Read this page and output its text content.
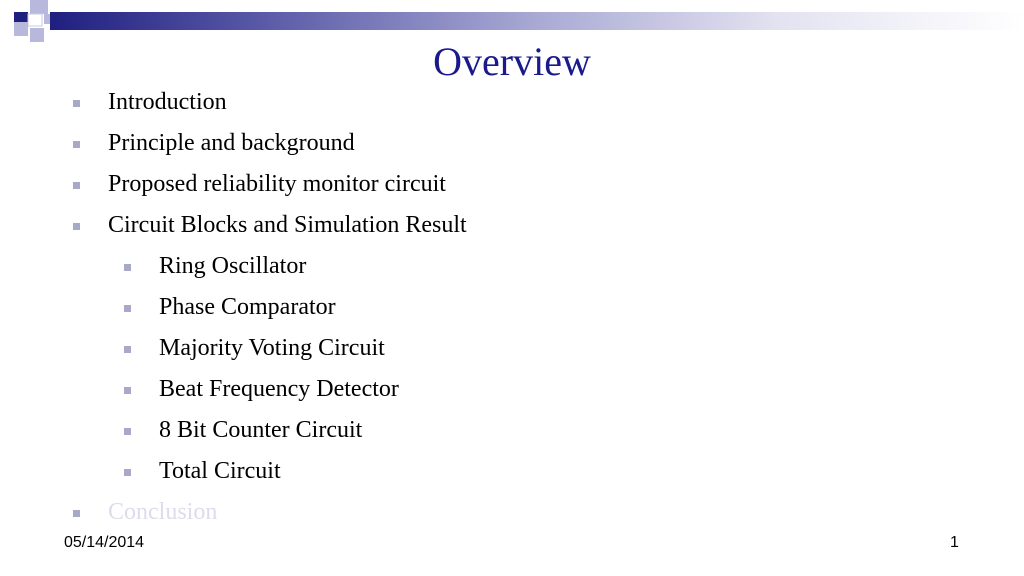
Overview
Introduction
Principle and background
Proposed reliability monitor circuit
Circuit Blocks and Simulation Result
Ring Oscillator
Phase Comparator
Majority Voting Circuit
Beat Frequency Detector
8 Bit Counter Circuit
Total Circuit
Conclusion
05/14/2014	1
